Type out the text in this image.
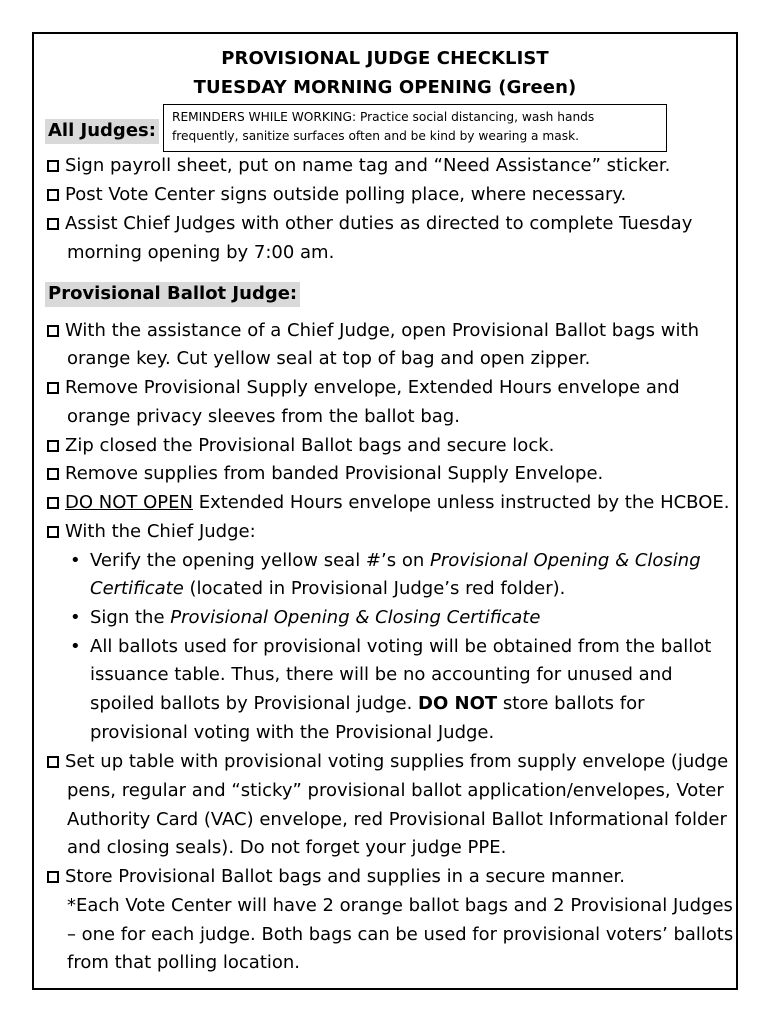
PROVISIONAL JUDGE CHECKLIST
TUESDAY MORNING OPENING (Green)
All Judges:
REMINDERS WHILE WORKING: Practice social distancing, wash hands
frequently, sanitize surfaces often and be kind by wearing a mask.
Sign payroll sheet, put on name tag and “Need Assistance” sticker.
Post Vote Center signs outside polling place, where necessary.
Assist Chief Judges with other duties as directed to complete Tuesday
morning opening by 7:00 am.
Provisional Ballot Judge:
With the assistance of a Chief Judge, open Provisional Ballot bags with
orange key. Cut yellow seal at top of bag and open zipper.
Remove Provisional Supply envelope, Extended Hours envelope and
orange privacy sleeves from the ballot bag.
Zip closed the Provisional Ballot bags and secure lock.
Remove supplies from banded Provisional Supply Envelope.
DO NOT OPEN Extended Hours envelope unless instructed by the HCBOE.
With the Chief Judge:
• Verify the opening yellow seal #’s on Provisional Opening & Closing
Certificate (located in Provisional Judge’s red folder).
• Sign the Provisional Opening & Closing Certificate
• All ballots used for provisional voting will be obtained from the ballot
issuance table. Thus, there will be no accounting for unused and
spoiled ballots by Provisional judge. DO NOT store ballots for
provisional voting with the Provisional Judge.
Set up table with provisional voting supplies from supply envelope (judge
pens, regular and “sticky” provisional ballot application/envelopes, Voter
Authority Card (VAC) envelope, red Provisional Ballot Informational folder
and closing seals). Do not forget your judge PPE.
Store Provisional Ballot bags and supplies in a secure manner.
*Each Vote Center will have 2 orange ballot bags and 2 Provisional Judges
– one for each judge. Both bags can be used for provisional voters’ ballots
from that polling location.
